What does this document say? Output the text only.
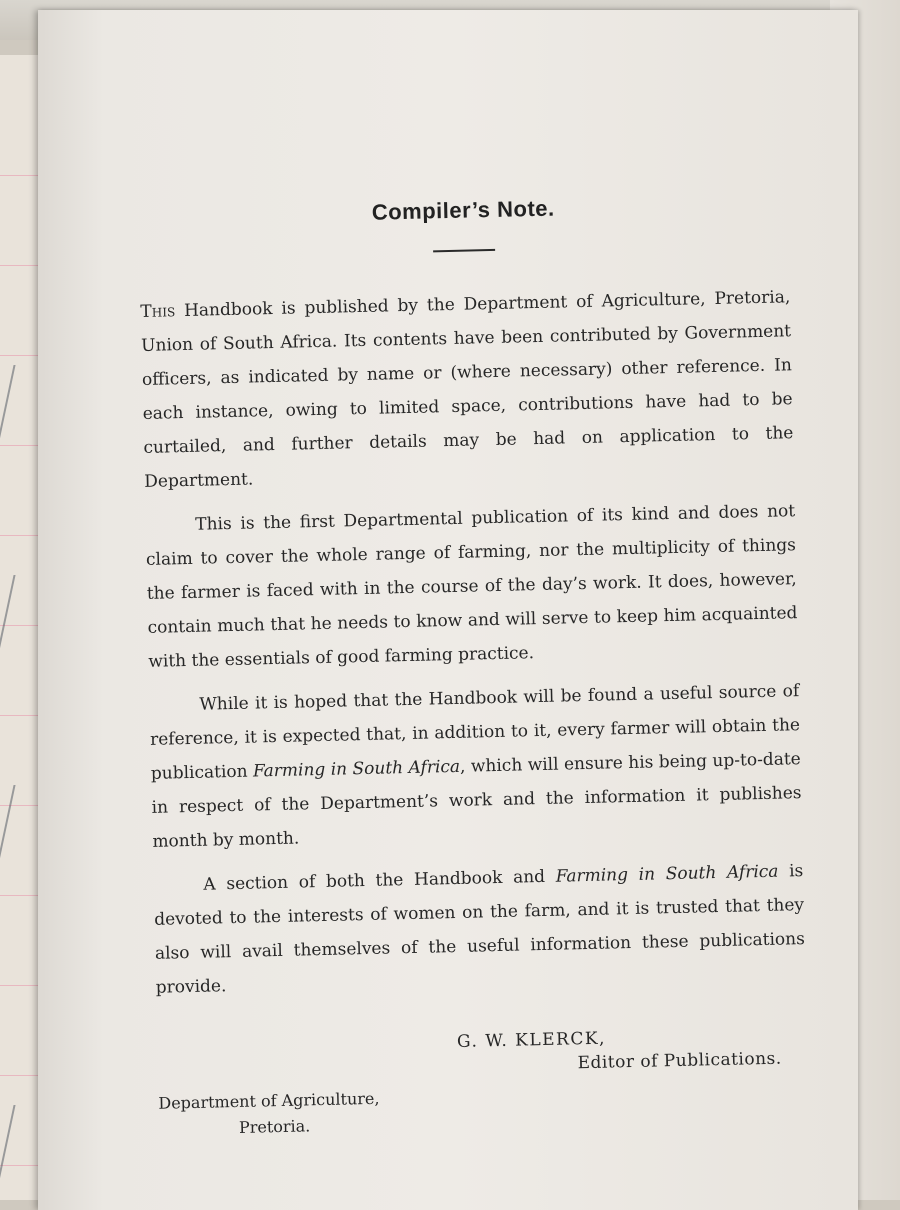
Compiler’s Note.

This Handbook is published by the Department of Agriculture, Pretoria, Union of South Africa. Its contents have been contributed by Government officers, as indicated by name or (where necessary) other reference. In each instance, owing to limited space, contributions have had to be curtailed, and further details may be had on application to the Department.

This is the first Departmental publication of its kind and does not claim to cover the whole range of farming, nor the multiplicity of things the farmer is faced with in the course of the day’s work. It does, however, contain much that he needs to know and will serve to keep him acquainted with the essentials of good farming practice.

While it is hoped that the Handbook will be found a useful source of reference, it is expected that, in addition to it, every farmer will obtain the publication Farming in South Africa, which will ensure his being up-to-date in respect of the Department’s work and the information it publishes month by month.

A section of both the Handbook and Farming in South Africa is devoted to the interests of women on the farm, and it is trusted that they also will avail themselves of the useful information these publications provide.

G. W. KLERCK,
Editor of Publications.
Department of Agriculture,
Pretoria.
